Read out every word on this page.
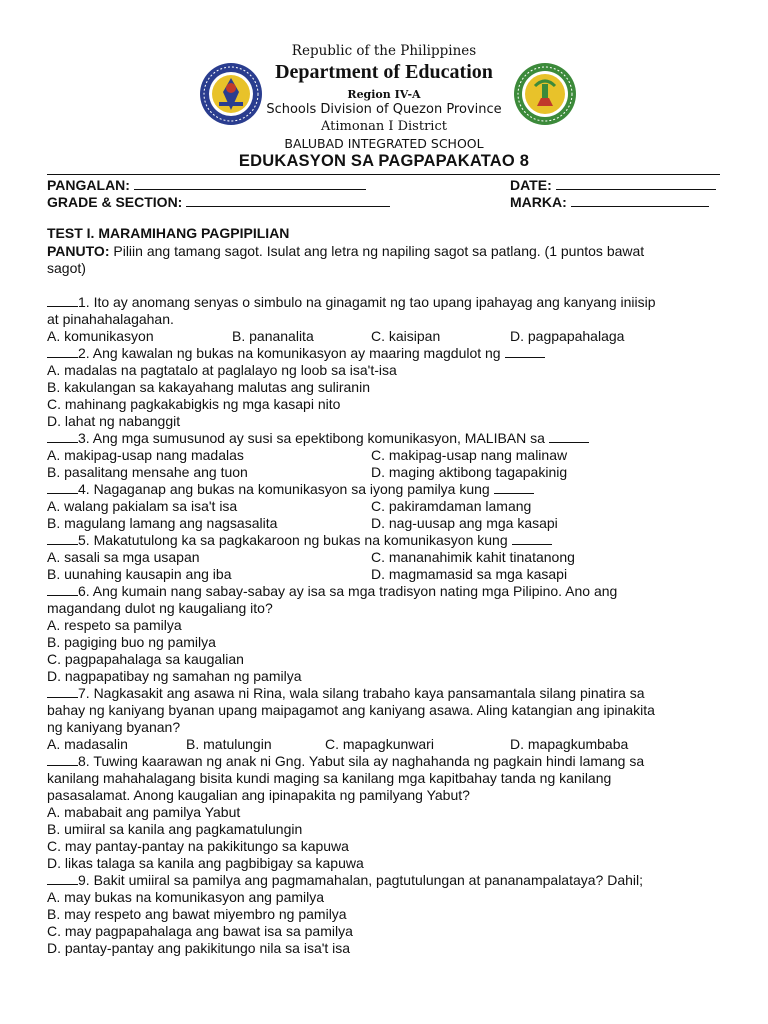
Republic of the Philippines
Department of Education
Region IV-A
Schools Division of Quezon Province
Atimonan I District
BALUBAD INTEGRATED SCHOOL
EDUKASYON SA PAGPAPAKATAO 8
PANGALAN:	DATE:
GRADE & SECTION:	MARKA:
TEST I. MARAMIHANG PAGPIPILIAN
PANUTO: Piliin ang tamang sagot. Isulat ang letra ng napiling sagot sa patlang. (1 puntos bawat
sagot)
1. Ito ay anomang senyas o simbulo na ginagamit ng tao upang ipahayag ang kanyang iniisip
at pinahahalagahan.
A. komunikasyon	B. pananalita	C. kaisipan	D. pagpapahalaga
2. Ang kawalan ng bukas na komunikasyon ay maaring magdulot ng
A. madalas na pagtatalo at paglalayo ng loob sa isa't-isa
B. kakulangan sa kakayahang malutas ang suliranin
C. mahinang pagkakabigkis ng mga kasapi nito
D. lahat ng nabanggit
3. Ang mga sumusunod ay susi sa epektibong komunikasyon, MALIBAN sa
A. makipag-usap nang madalas	C. makipag-usap nang malinaw
B. pasalitang mensahe ang tuon	D. maging aktibong tagapakinig
4. Nagaganap ang bukas na komunikasyon sa iyong pamilya kung
A. walang pakialam sa isa't isa	C. pakiramdaman lamang
B. magulang lamang ang nagsasalita	D. nag-uusap ang mga kasapi
5. Makatutulong ka sa pagkakaroon ng bukas na komunikasyon kung
A. sasali sa mga usapan	C. mananahimik kahit tinatanong
B. uunahing kausapin ang iba	D. magmamasid sa mga kasapi
6. Ang kumain nang sabay-sabay ay isa sa mga tradisyon nating mga Pilipino. Ano ang
magandang dulot ng kaugaliang ito?
A. respeto sa pamilya
B. pagiging buo ng pamilya
C. pagpapahalaga sa kaugalian
D. nagpapatibay ng samahan ng pamilya
7. Nagkasakit ang asawa ni Rina, wala silang trabaho kaya pansamantala silang pinatira sa
bahay ng kaniyang byanan upang maipagamot ang kaniyang asawa. Aling katangian ang ipinakita
ng kaniyang byanan?
A. madasalin	B. matulungin	C. mapagkunwari	D. mapagkumbaba
8. Tuwing kaarawan ng anak ni Gng. Yabut sila ay naghahanda ng pagkain hindi lamang sa
kanilang mahahalagang bisita kundi maging sa kanilang mga kapitbahay tanda ng kanilang
pasasalamat. Anong kaugalian ang ipinapakita ng pamilyang Yabut?
A. mababait ang pamilya Yabut
B. umiiral sa kanila ang pagkamatulungin
C. may pantay-pantay na pakikitungo sa kapuwa
D. likas talaga sa kanila ang pagbibigay sa kapuwa
9. Bakit umiiral sa pamilya ang pagmamahalan, pagtutulungan at pananampalataya? Dahil;
A. may bukas na komunikasyon ang pamilya
B. may respeto ang bawat miyembro ng pamilya
C. may pagpapahalaga ang bawat isa sa pamilya
D. pantay-pantay ang pakikitungo nila sa isa't isa
